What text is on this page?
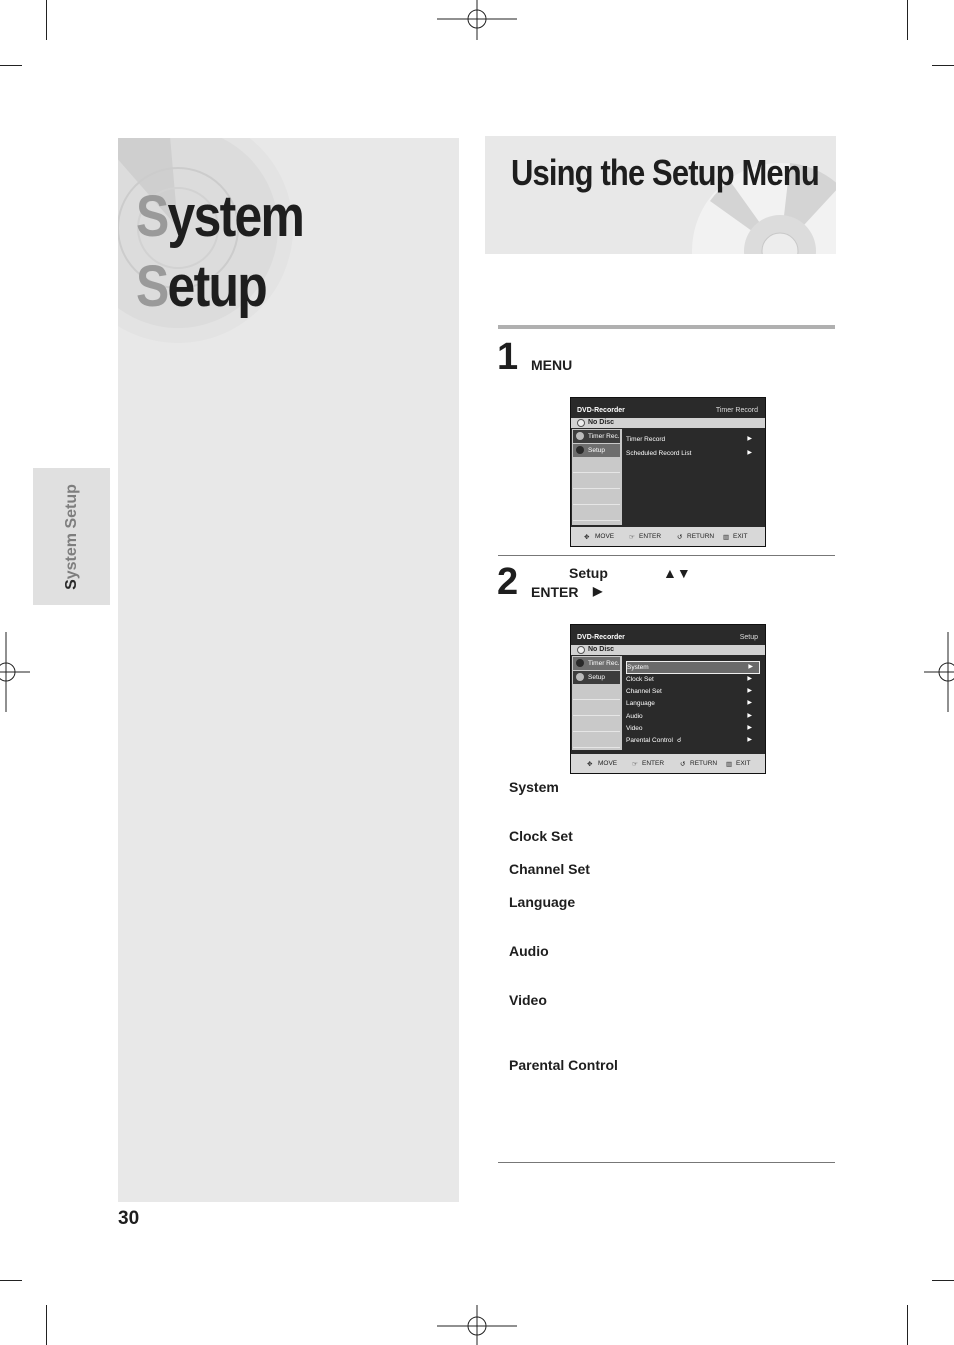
System
Setup
System Setup
Using the Setup Menu
1 MENU
DVD-Recorder	Timer Record
No Disc
Timer Rec.
Setup
Timer Record	▶
Scheduled Record List	▶
✥ MOVE ☞ ENTER ↺ RETURN ▥ EXIT
2	Setup	▲▼
ENTER ▶
DVD-Recorder	Setup
No Disc
Timer Rec.
Setup
System	▶
Clock Set	▶
Channel Set	▶
Language	▶
Audio	▶
Video	▶
Parental Control ☌	▶
✥ MOVE ☞ ENTER ↺ RETURN ▥ EXIT
System
Clock Set
Channel Set
Language
Audio
Video
Parental Control
30
